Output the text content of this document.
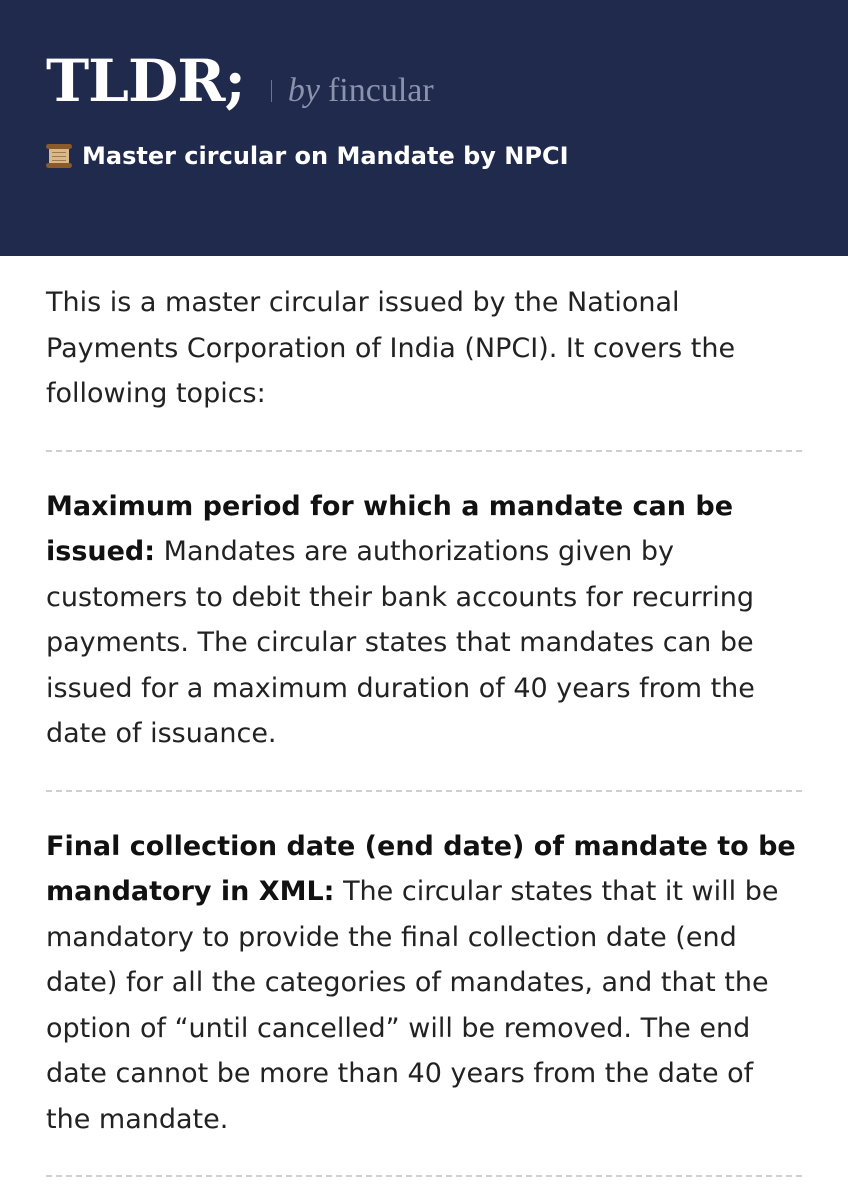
TLDR; by fincular
Master circular on Mandate by NPCI

This is a master circular issued by the National Payments Corporation of India (NPCI). It covers the following topics:

Maximum period for which a mandate can be issued: Mandates are authorizations given by customers to debit their bank accounts for recurring payments. The circular states that mandates can be issued for a maximum duration of 40 years from the date of issuance.

Final collection date (end date) of mandate to be mandatory in XML: The circular states that it will be mandatory to provide the final collection date (end date) for all the categories of mandates, and that the option of “until cancelled” will be removed. The end date cannot be more than 40 years from the date of the mandate.
